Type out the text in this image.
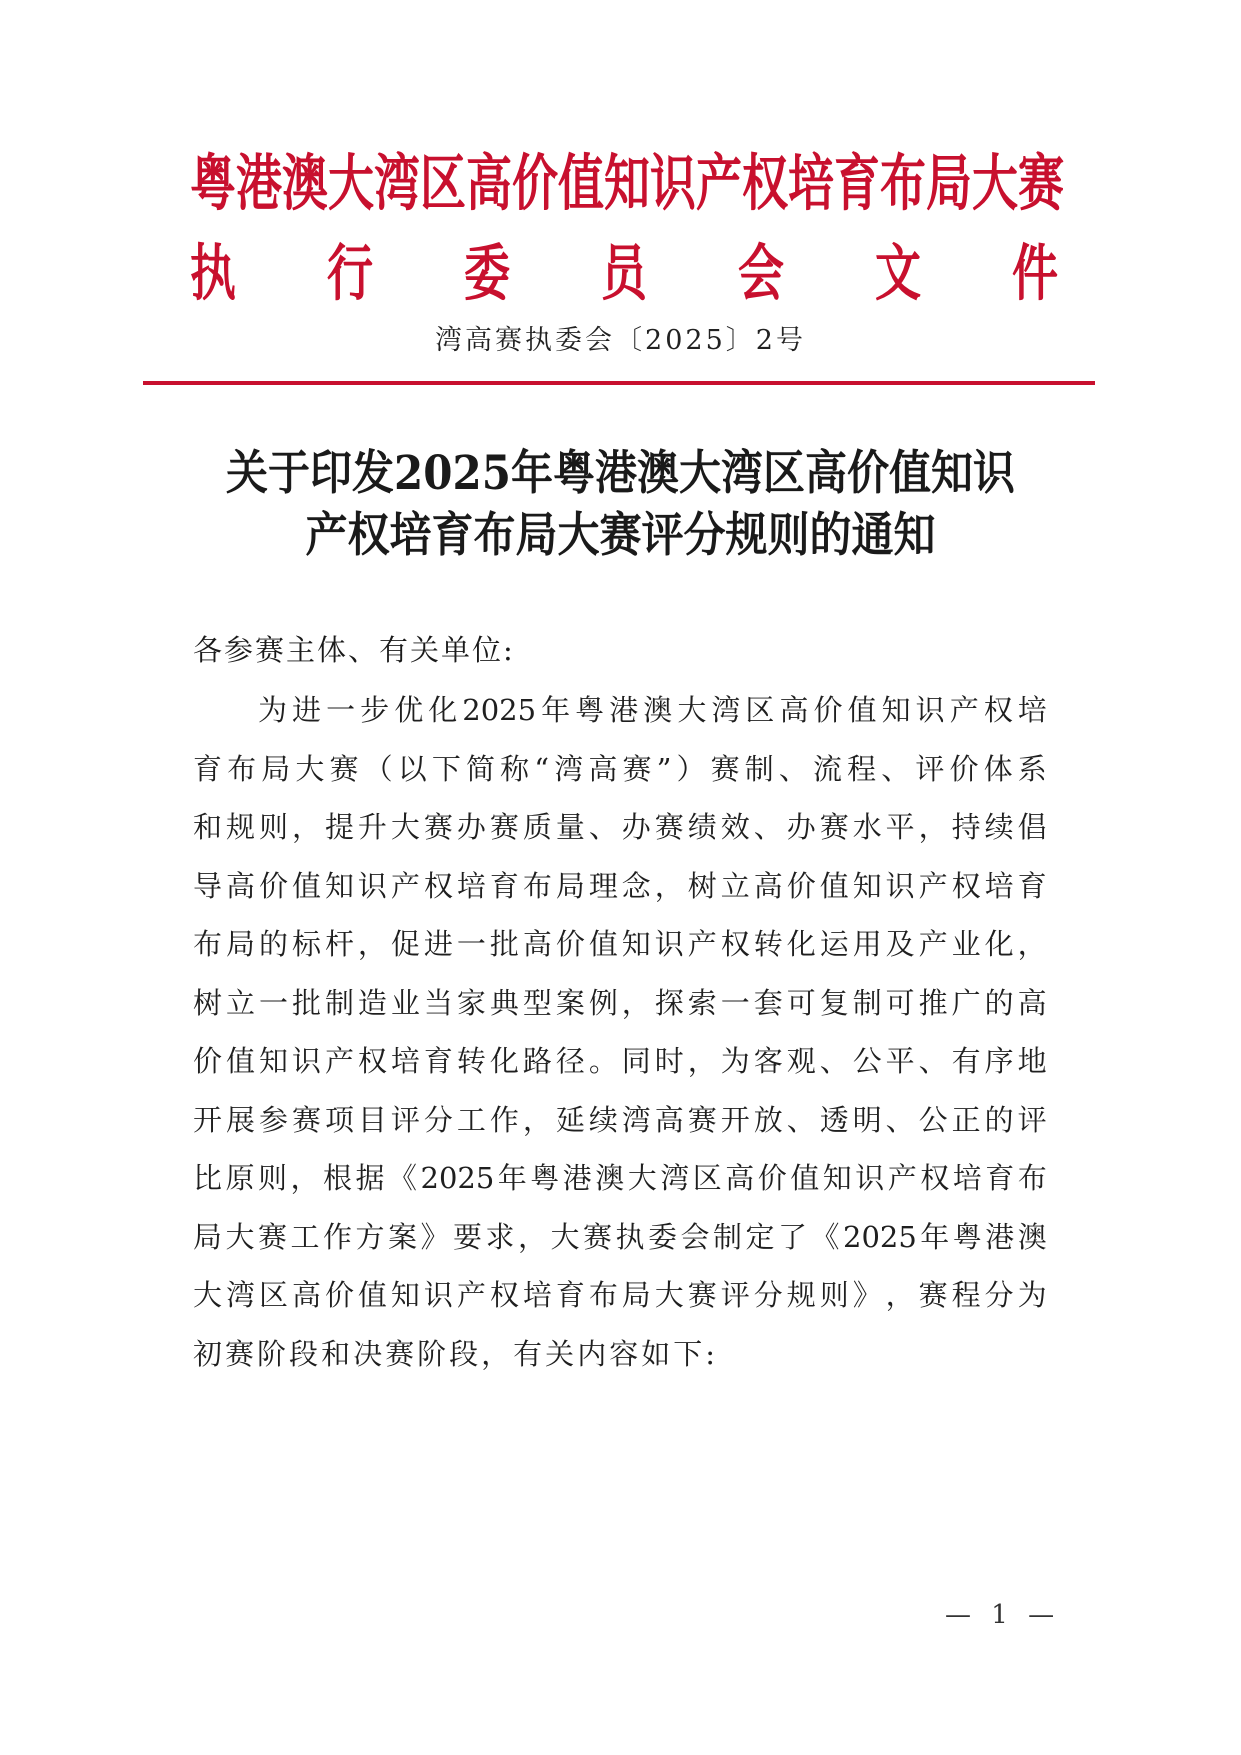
粤 港 澳 大 湾 区 高 价 值 知 识 产 权 培 育 布 局 大 赛
执 行 委 员 会 文 件
湾高赛执委会〔2025〕2号
关于印发2025年粤港澳大湾区高价值知识
产权培育布局大赛评分规则的通知
各参赛主体、有关单位:
为 进 一 步 优 化 2025 年 粤 港 澳 大 湾 区 高 价 值 知 识 产 权 培
育 布 局 大 赛 （ 以 下 简 称 “ 湾 高 赛 ” ） 赛 制 、 流 程 、 评 价 体 系
和 规 则 ， 提 升 大 赛 办 赛 质 量 、 办 赛 绩 效 、 办 赛 水 平 ， 持 续 倡
导 高 价 值 知 识 产 权 培 育 布 局 理 念 ， 树 立 高 价 值 知 识 产 权 培 育
布 局 的 标 杆 ， 促 进 一 批 高 价 值 知 识 产 权 转 化 运 用 及 产 业 化 ，
树 立 一 批 制 造 业 当 家 典 型 案 例 ， 探 索 一 套 可 复 制 可 推 广 的 高
价 值 知 识 产 权 培 育 转 化 路 径 。 同 时 ， 为 客 观 、 公 平 、 有 序 地
开 展 参 赛 项 目 评 分 工 作 ， 延 续 湾 高 赛 开 放 、 透 明 、 公 正 的 评
比 原 则 ， 根 据 《 2025 年 粤 港 澳 大 湾 区 高 价 值 知 识 产 权 培 育 布
局 大 赛 工 作 方 案 》 要 求 ， 大 赛 执 委 会 制 定 了 《 2025 年 粤 港 澳
大 湾 区 高 价 值 知 识 产 权 培 育 布 局 大 赛 评 分 规 则 》 ， 赛 程 分 为
初 赛 阶 段 和 决 赛 阶 段 ， 有 关 内 容 如 下 :
— 1 —
